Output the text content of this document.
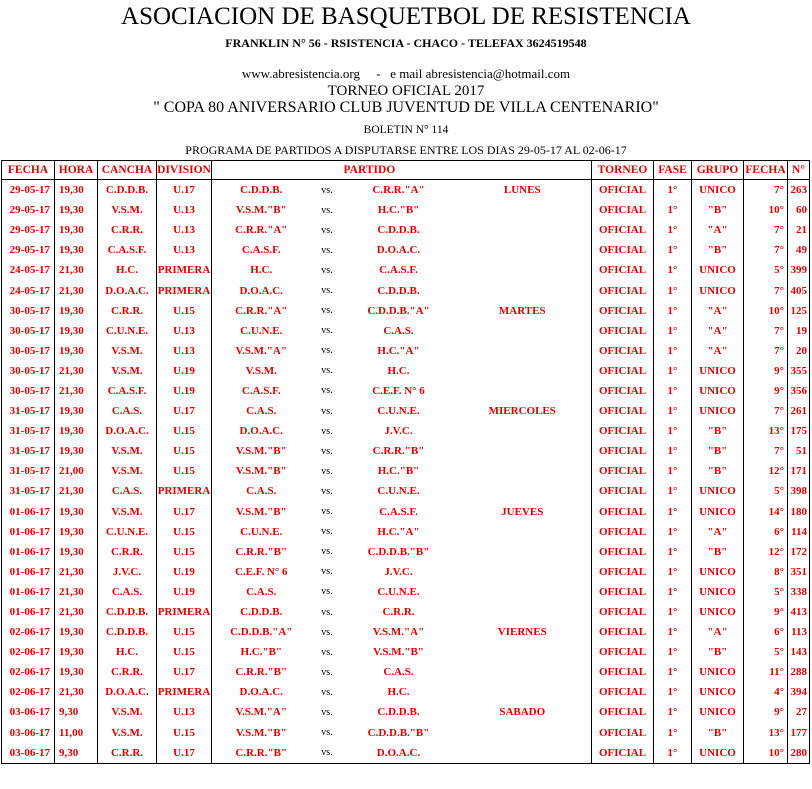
ASOCIACION DE BASQUETBOL DE RESISTENCIA
FRANKLIN N° 56 - RSISTENCIA - CHACO - TELEFAX 3624519548
www.abresistencia.org     -   e mail abresistencia@hotmail.com
TORNEO OFICIAL 2017
" COPA 80 ANIVERSARIO CLUB JUVENTUD DE VILLA CENTENARIO"
BOLETIN N° 114
PROGRAMA DE PARTIDOS A DISPUTARSE ENTRE LOS DIAS 29-05-17 AL 02-06-17
FECHA	HORA	CANCHA	DIVISION			PARTIDO		TORNEO	FASE	GRUPO	FECHA	N°
29-05-17	19,30	C.D.D.B.	U.17	C.D.D.B.	vs.	C.R.R."A"	LUNES	OFICIAL	1°	UNICO	7°	263
29-05-17	19,30	V.S.M.	U.13	V.S.M."B"	vs.	H.C."B"		OFICIAL	1°	"B"	10°	60
29-05-17	19,30	C.R.R.	U.13	C.R.R."A"	vs.	C.D.D.B.		OFICIAL	1°	"A"	7°	21
29-05-17	19,30	C.A.S.F.	U.13	C.A.S.F.	vs.	D.O.A.C.		OFICIAL	1°	"B"	7°	49
24-05-17	21,30	H.C.	PRIMERA	H.C.	vs.	C.A.S.F.		OFICIAL	1°	UNICO	5°	399
24-05-17	21,30	D.O.A.C.	PRIMERA	D.O.A.C.	vs.	C.D.D.B.		OFICIAL	1°	UNICO	7°	405
30-05-17	19,30	C.R.R.	U.15	C.R.R."A"	vs.	C.D.D.B."A"	MARTES	OFICIAL	1°	"A"	10°	125
30-05-17	19,30	C.U.N.E.	U.13	C.U.N.E.	vs.	C.A.S.		OFICIAL	1°	"A"	7°	19
30-05-17	19,30	V.S.M.	U.13	V.S.M."A"	vs.	H.C."A"		OFICIAL	1°	"A"	7°	20
30-05-17	21,30	V.S.M.	U.19	V.S.M.	vs.	H.C.		OFICIAL	1°	UNICO	9°	355
30-05-17	21,30	C.A.S.F.	U.19	C.A.S.F.	vs.	C.E.F. N° 6		OFICIAL	1°	UNICO	9°	356
31-05-17	19,30	C.A.S.	U.17	C.A.S.	vs.	C.U.N.E.	MIERCOLES	OFICIAL	1°	UNICO	7°	261
31-05-17	19,30	D.O.A.C.	U.15	D.O.A.C.	vs.	J.V.C.		OFICIAL	1°	"B"	13°	175
31-05-17	19,30	V.S.M.	U.15	V.S.M."B"	vs.	C.R.R."B"		OFICIAL	1°	"B"	7°	51
31-05-17	21,00	V.S.M.	U.15	V.S.M."B"	vs.	H.C."B"		OFICIAL	1°	"B"	12°	171
31-05-17	21,30	C.A.S.	PRIMERA	C.A.S.	vs.	C.U.N.E.		OFICIAL	1°	UNICO	5°	398
01-06-17	19,30	V.S.M.	U.17	V.S.M."B"	vs.	C.A.S.F.	JUEVES	OFICIAL	1°	UNICO	14°	180
01-06-17	19,30	C.U.N.E.	U.15	C.U.N.E.	vs.	H.C."A"		OFICIAL	1°	"A"	6°	114
01-06-17	19,30	C.R.R.	U.15	C.R.R."B"	vs.	C.D.D.B."B"		OFICIAL	1°	"B"	12°	172
01-06-17	21,30	J.V.C.	U.19	C.E.F. N° 6	vs.	J.V.C.		OFICIAL	1°	UNICO	8°	351
01-06-17	21,30	C.A.S.	U.19	C.A.S.	vs.	C.U.N.E.		OFICIAL	1°	UNICO	5°	338
01-06-17	21,30	C.D.D.B.	PRIMERA	C.D.D.B.	vs.	C.R.R.		OFICIAL	1°	UNICO	9°	413
02-06-17	19,30	C.D.D.B.	U.15	C.D.D.B."A"	vs.	V.S.M."A"	VIERNES	OFICIAL	1°	"A"	6°	113
02-06-17	19,30	H.C.	U.15	H.C."B"	vs.	V.S.M."B"		OFICIAL	1°	"B"	5°	143
02-06-17	19,30	C.R.R.	U.17	C.R.R."B"	vs.	C.A.S.		OFICIAL	1°	UNICO	11°	288
02-06-17	21,30	D.O.A.C.	PRIMERA	D.O.A.C.	vs.	H.C.		OFICIAL	1°	UNICO	4°	394
03-06-17	9,30	V.S.M.	U.13	V.S.M."A"	vs.	C.D.D.B.	SABADO	OFICIAL	1°	UNICO	9°	27
03-06-17	11,00	V.S.M.	U.15	V.S.M."B"	vs.	C.D.D.B."B"		OFICIAL	1°	"B"	13°	177
03-06-17	9,30	C.R.R.	U.17	C.R.R."B"	vs.	D.O.A.C.		OFICIAL	1°	UNICO	10°	280
